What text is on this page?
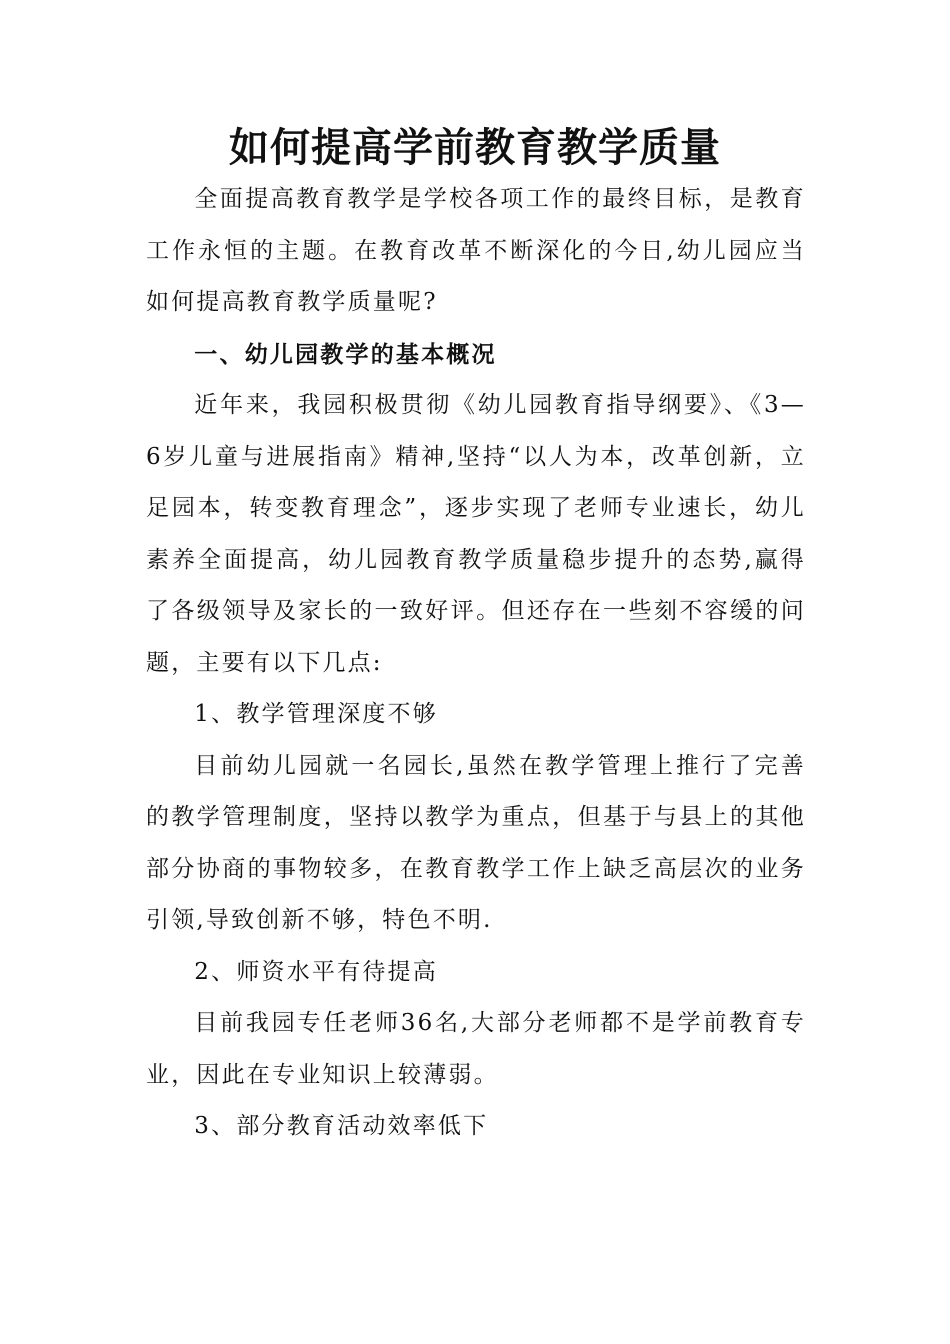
如何提高学前教育教学质量

全面提高教育教学是学校各项工作的最终目标，是教育工作永恒的主题。在教育改革不断深化的今日,幼儿园应当如何提高教育教学质量呢?

一、幼儿园教学的基本概况

近年来，我园积极贯彻《幼儿园教育指导纲要》、《3—6岁儿童与进展指南》精神,坚持“以人为本，改革创新，立足园本，转变教育理念”，逐步实现了老师专业速长，幼儿素养全面提高，幼儿园教育教学质量稳步提升的态势,赢得了各级领导及家长的一致好评。但还存在一些刻不容缓的问题，主要有以下几点:

1、教学管理深度不够

目前幼儿园就一名园长,虽然在教学管理上推行了完善的教学管理制度，坚持以教学为重点，但基于与县上的其他部分协商的事物较多，在教育教学工作上缺乏高层次的业务引领,导致创新不够，特色不明.

2、师资水平有待提高

目前我园专任老师36名,大部分老师都不是学前教育专业，因此在专业知识上较薄弱。

3、部分教育活动效率低下
